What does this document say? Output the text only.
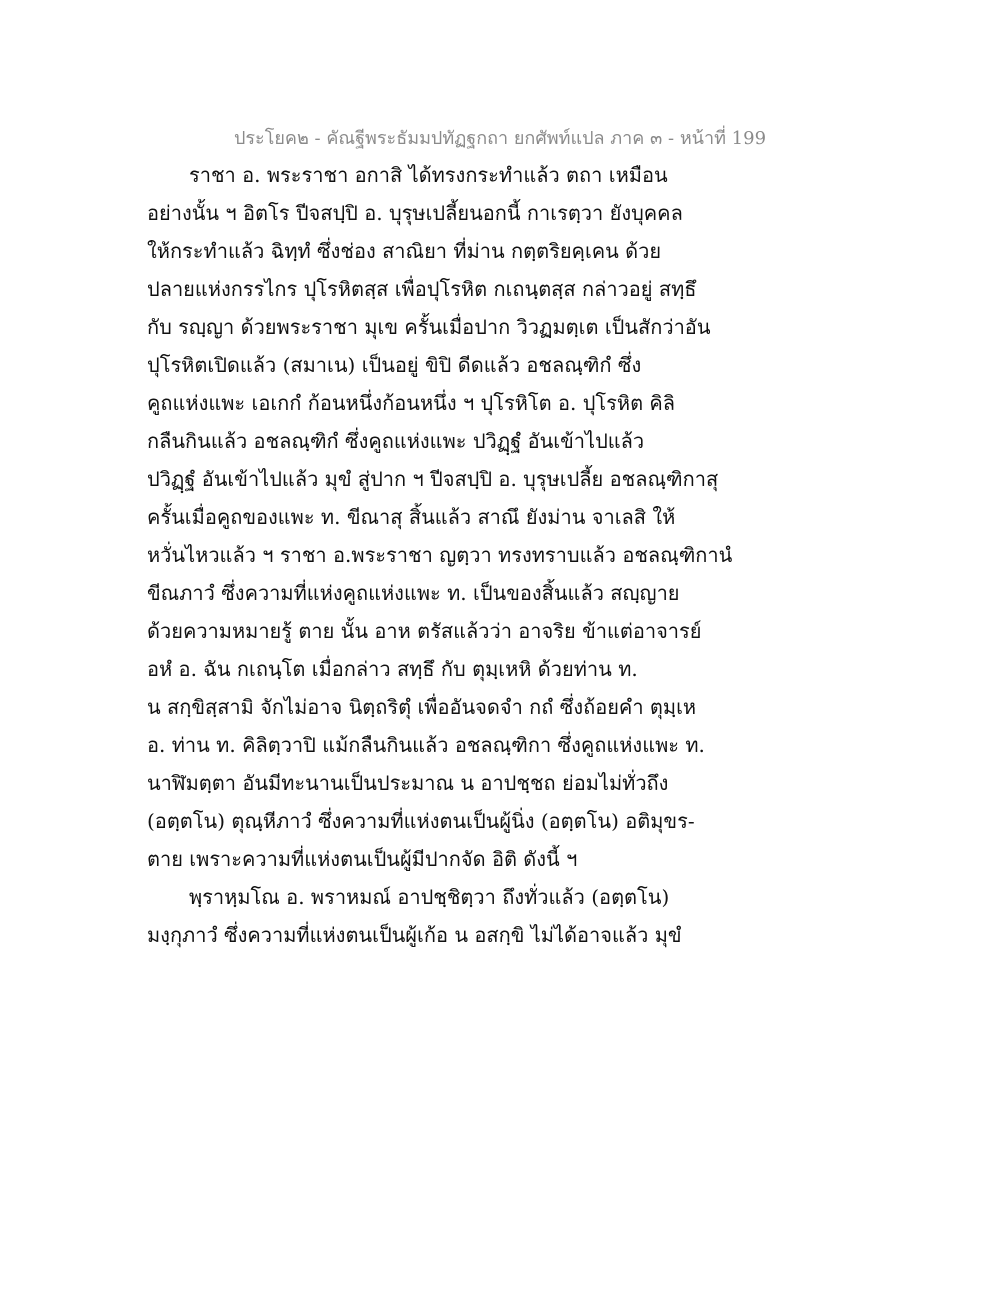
ประโยค๒ - คัณฐีพระธัมมปทัฏฐกถา ยกศัพท์แปล ภาค ๓ - หน้าที่ 199
ราชา อ. พระราชา อกาสิ ได้ทรงกระทำแล้ว ตถา เหมือน
อย่างนั้น ฯ อิตโร ปีจสปฺปิ อ. บุรุษเปลี้ยนอกนี้ กาเรตฺวา ยังบุคคล
ให้กระทำแล้ว ฉิทฺทํ ซึ่งช่อง สาณิยา ที่ม่าน กตฺตริยคฺเคน ด้วย
ปลายแห่งกรรไกร ปุโรหิตสฺส เพื่อปุโรหิต กเถนฺตสฺส กล่าวอยู่ สทฺธึ
กับ รญฺญา ด้วยพระราชา มุเข ครั้นเมื่อปาก วิวฏมตฺเต เป็นสักว่าอัน
ปุโรหิตเปิดแล้ว (สมาเน) เป็นอยู่ ขิปิ ดีดแล้ว อชลณฺฑิกํ ซึ่ง
คูถแห่งแพะ เอเกกํ ก้อนหนึ่งก้อนหนึ่ง ฯ ปุโรหิโต อ. ปุโรหิต คิลิ
กลืนกินแล้ว อชลณฺฑิกํ ซึ่งคูถแห่งแพะ ปวิฏฺฐํ อันเข้าไปแล้ว
ปวิฏฺฐํ อันเข้าไปแล้ว มุขํ สู่ปาก ฯ ปีจสปฺปิ อ. บุรุษเปลี้ย อชลณฺฑิกาสุ
ครั้นเมื่อคูถของแพะ ท. ขีณาสุ สิ้นแล้ว สาณึ ยังม่าน จาเลสิ ให้
หวั่นไหวแล้ว ฯ ราชา อ.พระราชา ญตฺวา ทรงทราบแล้ว อชลณฺฑิกานํ
ขีณภาวํ ซึ่งความที่แห่งคูถแห่งแพะ ท. เป็นของสิ้นแล้ว สญฺญาย
ด้วยความหมายรู้ ตาย นั้น อาห ตรัสแล้วว่า อาจริย ข้าแต่อาจารย์
อหํ อ. ฉัน กเถนฺโต เมื่อกล่าว สทฺธึ กับ ตุมฺเหหิ ด้วยท่าน ท.
น สกฺขิสฺสามิ จักไม่อาจ นิตฺถริตุํ เพื่ออันจดจำ กถํ ซึ่งถ้อยคำ ตุมฺเห
อ. ท่าน ท. คิลิตฺวาปิ แม้กลืนกินแล้ว อชลณฺฑิกา ซึ่งคูถแห่งแพะ ท.
นาฬิมตฺตา อันมีทะนานเป็นประมาณ น อาปชฺชถ ย่อมไม่ทั่วถึง
(อตฺตโน) ตุณฺหีภาวํ ซึ่งความที่แห่งตนเป็นผู้นิ่ง (อตฺตโน) อติมุขร-
ตาย เพราะความที่แห่งตนเป็นผู้มีปากจัด อิติ ดังนี้ ฯ
พฺราหฺมโณ อ. พราหมณ์ อาปชฺชิตฺวา ถึงทั่วแล้ว (อตฺตโน)
มงฺกุภาวํ ซึ่งความที่แห่งตนเป็นผู้เก้อ น อสกฺขิ ไม่ได้อาจแล้ว มุขํ
